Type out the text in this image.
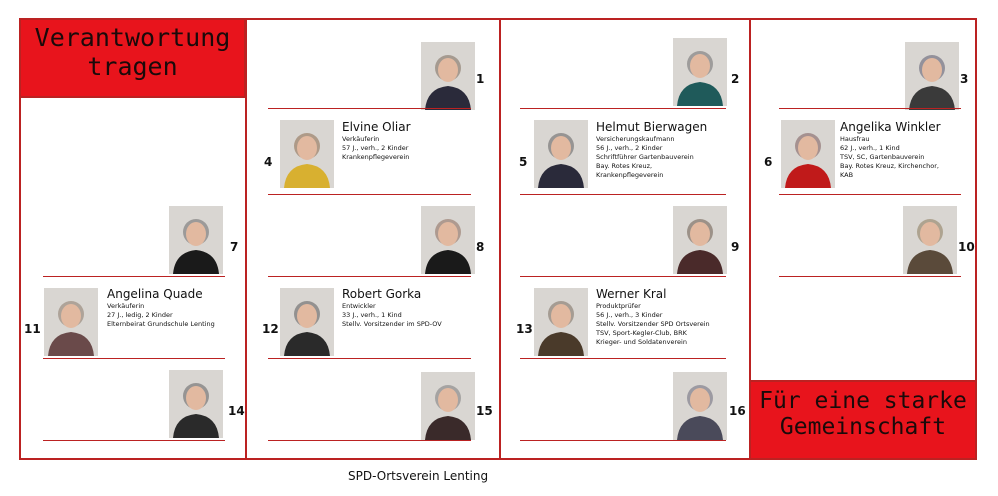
Verantwortung
tragen
Für eine starke
Gemeinschaft
1	2	3
Elvine Oliar
Verkäuferin
57 J., verh., 2 Kinder
Krankenpflegeverein
4
Helmut Bierwagen
Versicherungskaufmann
56 J., verh., 2 Kinder
Schriftführer Gartenbauverein
Bay. Rotes Kreuz,
Krankenpflegeverein
5
Angelika Winkler
Hausfrau
62 J., verh., 1 Kind
TSV, SC, Gartenbauverein
Bay. Rotes Kreuz, Kirchenchor,
KAB
6
7	8	9	10
Angelina Quade
Verkäuferin
27 J., ledig, 2 Kinder
Elternbeirat Grundschule Lenting
11
Robert Gorka
Entwickler
33 J., verh., 1 Kind
Stellv. Vorsitzender im SPD-OV
12
Werner Kral
Produktprüfer
56 J., verh., 3 Kinder
Stellv. Vorsitzender SPD Ortsverein
TSV, Sport-Kegler-Club, BRK
Krieger- und Soldatenverein
13
14	15	16
SPD-Ortsverein Lenting
